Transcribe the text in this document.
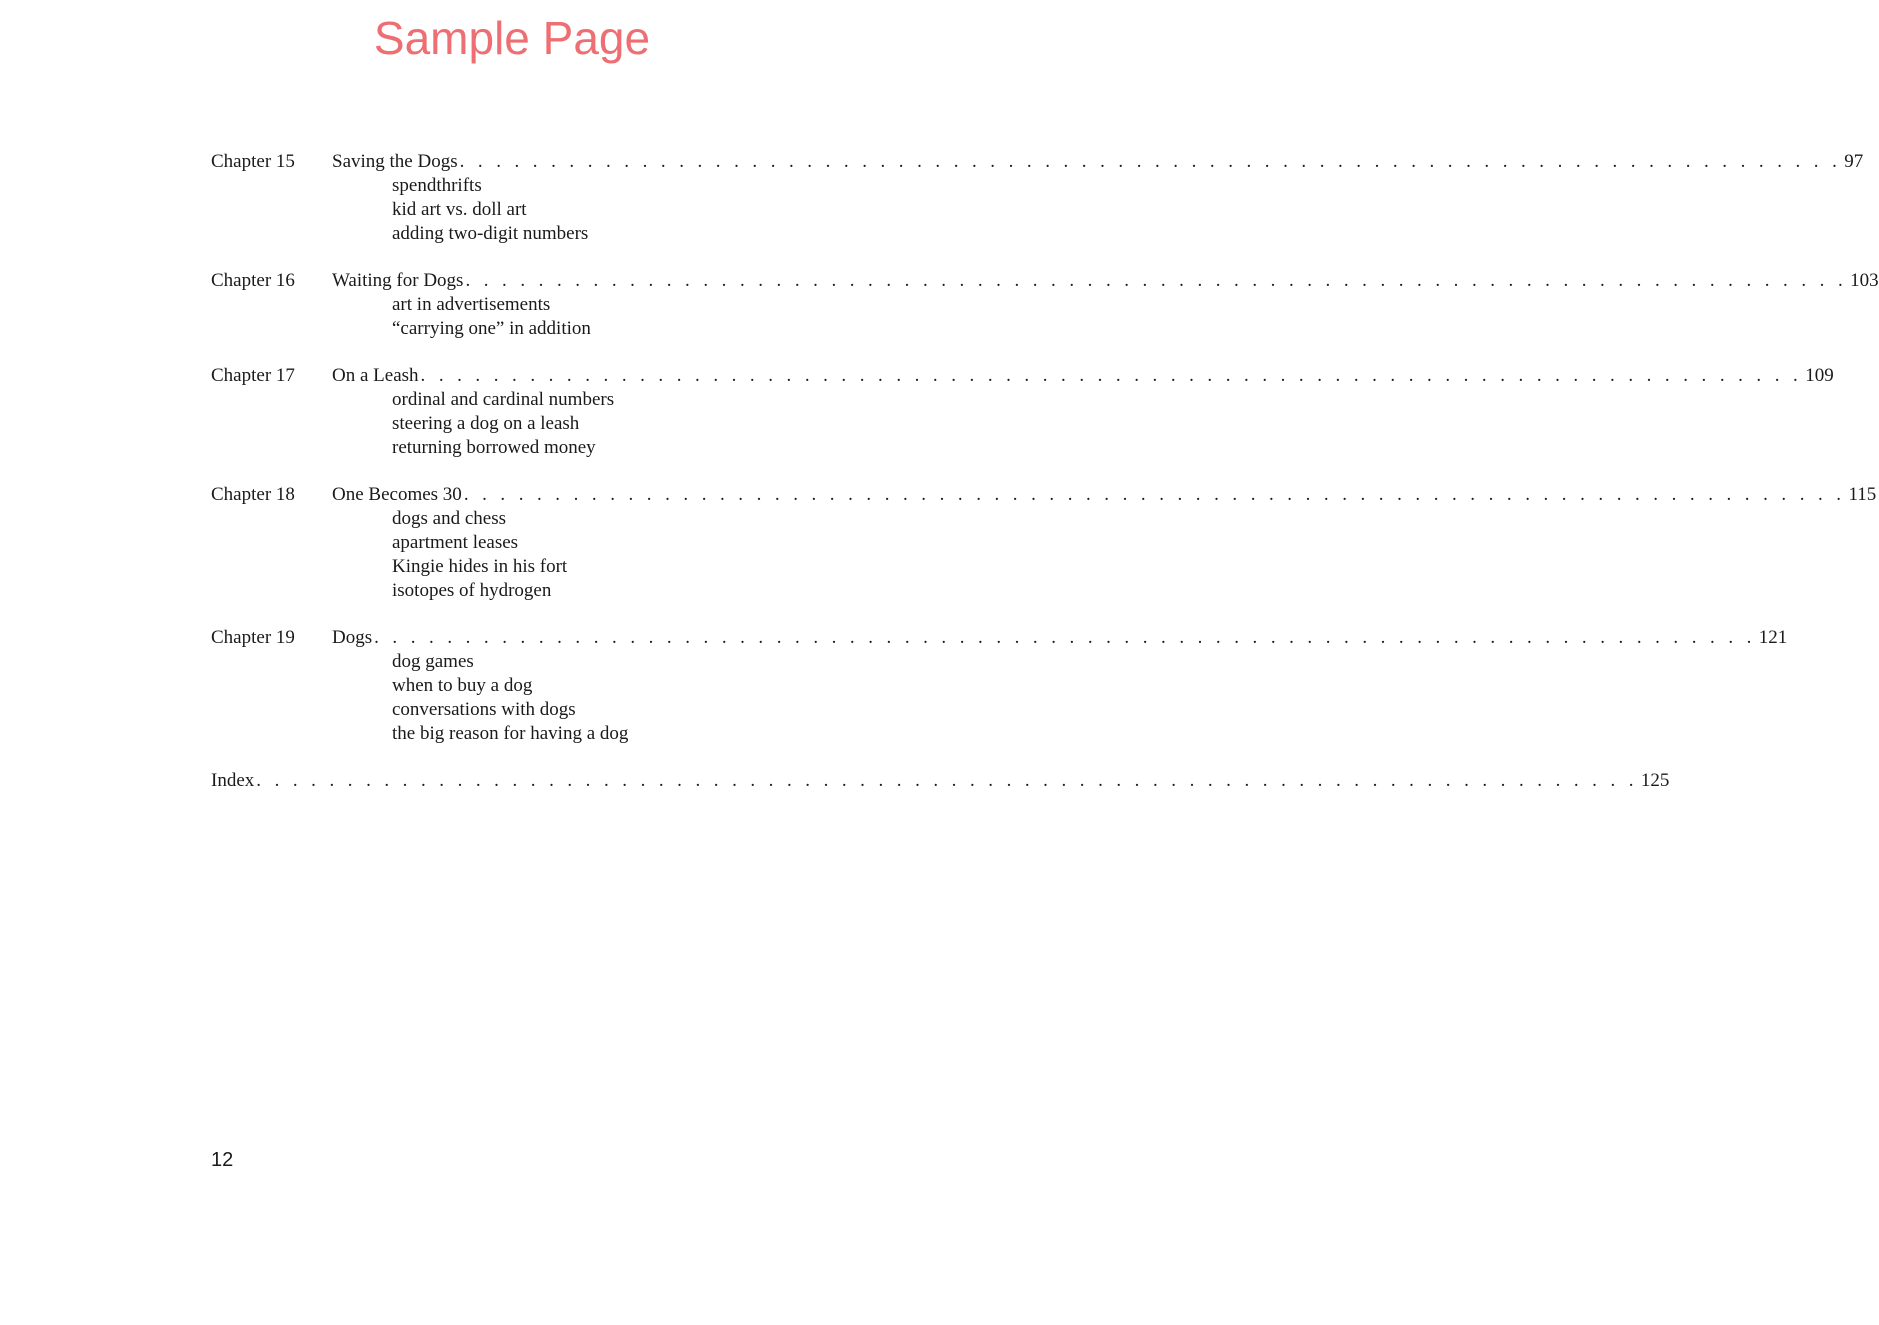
Sample Page
Chapter 15	Saving the Dogs . . . . . . . . . . . . . . . . . . . . . . . . . . . . . . . . . . . . . . . . . . . . . . . . . . . . . . . . . . . . . . . . . . . . . . . . . . . . 97
spendthrifts
kid art vs. doll art
adding two-digit numbers
Chapter 16	Waiting for Dogs . . . . . . . . . . . . . . . . . . . . . . . . . . . . . . . . . . . . . . . . . . . . . . . . . . . . . . . . . . . . . . . . . . . . . . . . . . . . 103
art in advertisements
“carrying one” in addition
Chapter 17	On a Leash . . . . . . . . . . . . . . . . . . . . . . . . . . . . . . . . . . . . . . . . . . . . . . . . . . . . . . . . . . . . . . . . . . . . . . . . . . . . 109
ordinal and cardinal numbers
steering a dog on a leash
returning borrowed money
Chapter 18	One Becomes 30 . . . . . . . . . . . . . . . . . . . . . . . . . . . . . . . . . . . . . . . . . . . . . . . . . . . . . . . . . . . . . . . . . . . . . . . . . . . . 115
dogs and chess
apartment leases
Kingie hides in his fort
isotopes of hydrogen
Chapter 19	Dogs . . . . . . . . . . . . . . . . . . . . . . . . . . . . . . . . . . . . . . . . . . . . . . . . . . . . . . . . . . . . . . . . . . . . . . . . . . . . 121
dog games
when to buy a dog
conversations with dogs
the big reason for having a dog
Index . . . . . . . . . . . . . . . . . . . . . . . . . . . . . . . . . . . . . . . . . . . . . . . . . . . . . . . . . . . . . . . . . . . . . . . . . . . . 125
12
